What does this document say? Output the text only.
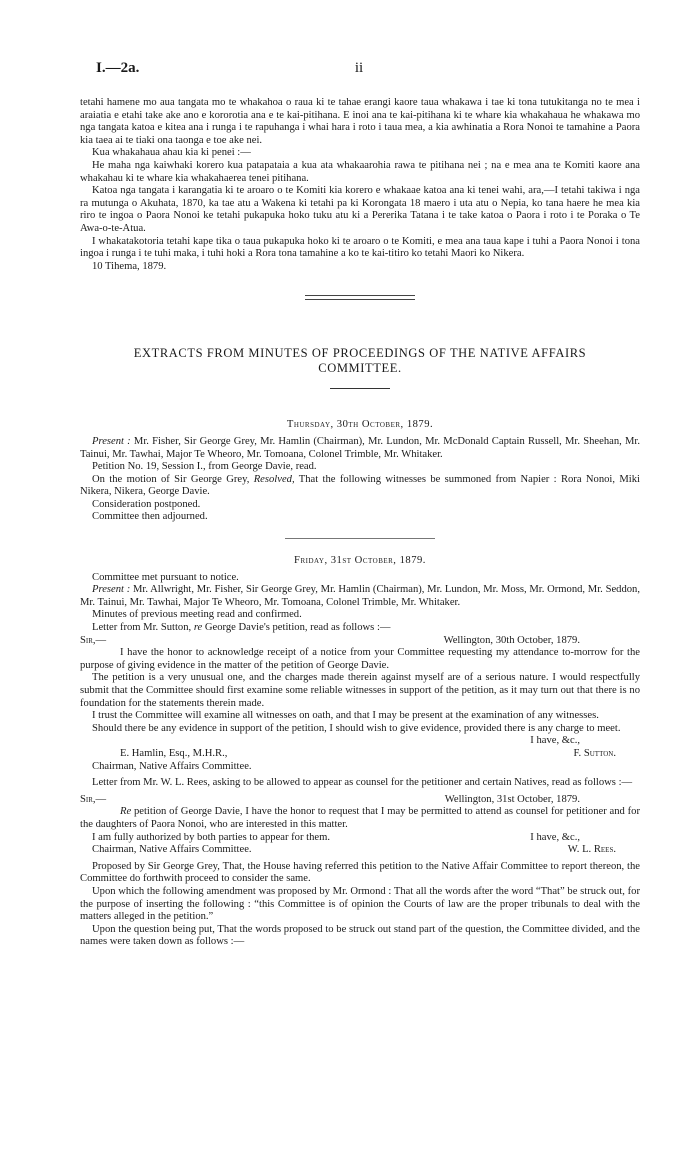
I.—2a.	ii

tetahi hamene mo aua tangata mo te whakahoa o raua ki te tahae erangi kaore taua whakawa i tae ki tona tutukitanga no te mea i araiatia e etahi take ake ano e kororotia ana e te kai-pitihana. E inoi ana te kai-pitihana ki te whare kia whakahaua he whakawa mo nga tangata katoa e kitea ana i runga i te rapuhanga i whai hara i roto i taua mea, a kia awhinatia a Rora Nonoi te tamahine a Paora kia taea ai te tiaki ona taonga e toe ake nei.

Kua whakahaua ahau kia ki penei :—

He maha nga kaiwhaki korero kua patapataia a kua ata whakaarohia rawa te pitihana nei ; na e mea ana te Komiti kaore ana whakahau ki te whare kia whakahaerea tenei pitihana.

Katoa nga tangata i karangatia ki te aroaro o te Komiti kia korero e whakaae katoa ana ki tenei wahi, ara,—I tetahi takiwa i nga ra mutunga o Akuhata, 1870, ka tae atu a Wakena ki tetahi pa ki Korongata 18 maero i uta atu o Nepia, ko tana haere he mea kia riro te ingoa o Paora Nonoi ke tetahi pukapuka hoko tuku atu ki a Pererika Tatana i te take katoa o Paora i roto i te Poraka o Te Awa-o-te-Atua.

I whakatakotoria tetahi kape tika o taua pukapuka hoko ki te aroaro o te Komiti, e mea ana taua kape i tuhi a Paora Nonoi i tona ingoa i runga i te tuhi maka, i tuhi hoki a Rora tona tamahine a ko te kai-titiro ko tetahi Maori ko Nikera.

10 Tihema, 1879.

EXTRACTS FROM MINUTES OF PROCEEDINGS OF THE NATIVE AFFAIRS COMMITTEE.

Thursday, 30th October, 1879.

Present : Mr. Fisher, Sir George Grey, Mr. Hamlin (Chairman), Mr. Lundon, Mr. McDonald Captain Russell, Mr. Sheehan, Mr. Tainui, Mr. Tawhai, Major Te Wheoro, Mr. Tomoana, Colonel Trimble, Mr. Whitaker.

Petition No. 19, Session I., from George Davie, read.

On the motion of Sir George Grey, Resolved, That the following witnesses be summoned from Napier : Rora Nonoi, Miki Nikera, Nikera, George Davie.

Consideration postponed.

Committee then adjourned.

Friday, 31st October, 1879.

Committee met pursuant to notice.

Present : Mr. Allwright, Mr. Fisher, Sir George Grey, Mr. Hamlin (Chairman), Mr. Lundon, Mr. Moss, Mr. Ormond, Mr. Seddon, Mr. Tainui, Mr. Tawhai, Major Te Wheoro, Mr. Tomoana, Colonel Trimble, Mr. Whitaker.

Minutes of previous meeting read and confirmed.

Letter from Mr. Sutton, re George Davie's petition, read as follows :—

Sir,—	Wellington, 30th October, 1879.

I have the honor to acknowledge receipt of a notice from your Committee requesting my attendance to-morrow for the purpose of giving evidence in the matter of the petition of George Davie.

The petition is a very unusual one, and the charges made therein against myself are of a serious nature. I would respectfully submit that the Committee should first examine some reliable witnesses in support of the petition, as it may turn out that there is no foundation for the statements therein made.

I trust the Committee will examine all witnesses on oath, and that I may be present at the examination of any witnesses.

Should there be any evidence in support of the petition, I should wish to give evidence, provided there is any charge to meet.

I have, &c.,

E. Hamlin, Esq., M.H.R.,	F. Sutton.

Chairman, Native Affairs Committee.

Letter from Mr. W. L. Rees, asking to be allowed to appear as counsel for the petitioner and certain Natives, read as follows :—

Sir,—	Wellington, 31st October, 1879.

Re petition of George Davie, I have the honor to request that I may be permitted to attend as counsel for petitioner and for the daughters of Paora Nonoi, who are interested in this matter.

I am fully authorized by both parties to appear for them.	I have, &c.,
Chairman, Native Affairs Committee.	W. L. Rees.

Proposed by Sir George Grey, That, the House having referred this petition to the Native Affair Committee to report thereon, the Committee do forthwith proceed to consider the same.

Upon which the following amendment was proposed by Mr. Ormond : That all the words after the word “That” be struck out, for the purpose of inserting the following : “this Committee is of opinion the Courts of law are the proper tribunals to deal with the matters alleged in the petition.”

Upon the question being put, That the words proposed to be struck out stand part of the question, the Committee divided, and the names were taken down as follows :—
